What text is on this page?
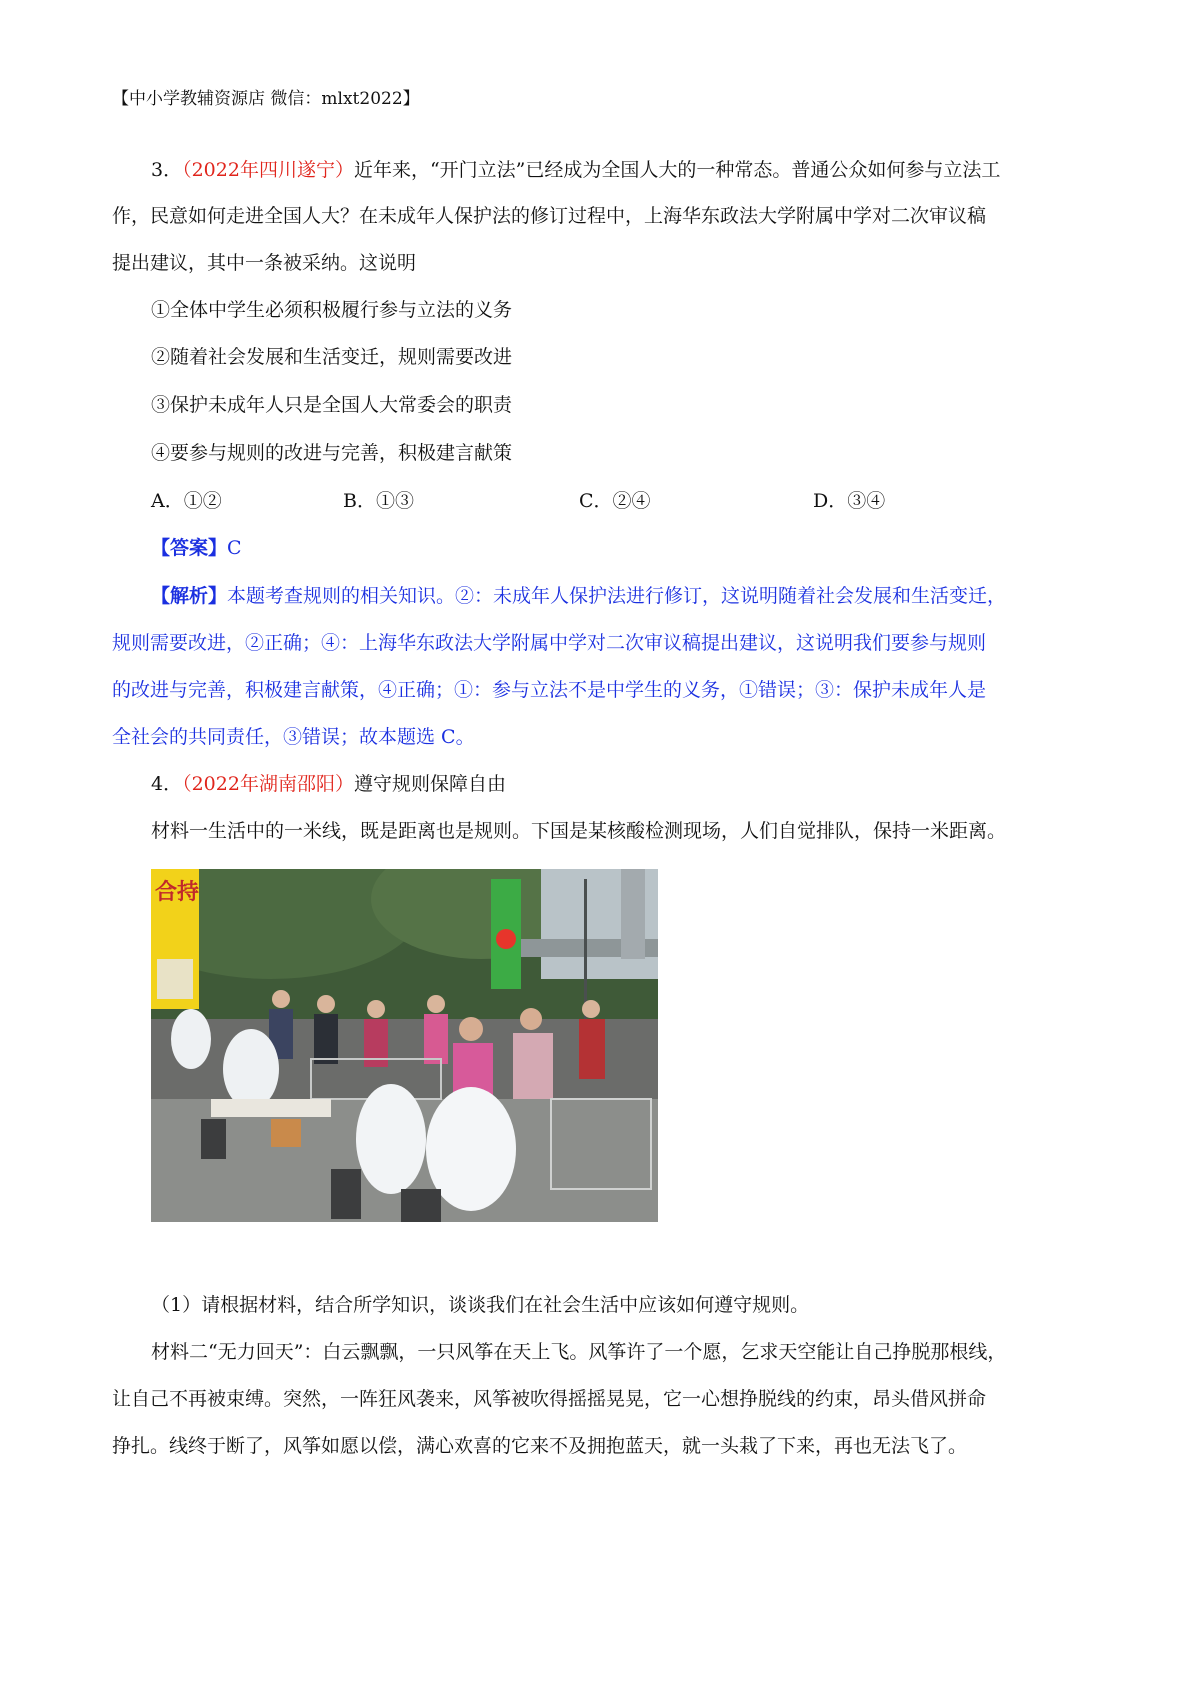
【中小学教辅资源店 微信：mlxt2022】
3．（2022年四川遂宁）近年来，“开门立法”已经成为全国人大的一种常态。普通公众如何参与立法工
作，民意如何走进全国人大？在未成年人保护法的修订过程中，上海华东政法大学附属中学对二次审议稿
提出建议，其中一条被采纳。这说明
①全体中学生必须积极履行参与立法的义务
②随着社会发展和生活变迁，规则需要改进
③保护未成年人只是全国人大常委会的职责
④要参与规则的改进与完善，积极建言献策
A．①②	B．①③	C．②④	D．③④
【答案】C
【解析】本题考查规则的相关知识。②：未成年人保护法进行修订，这说明随着社会发展和生活变迁，
规则需要改进，②正确；④：上海华东政法大学附属中学对二次审议稿提出建议，这说明我们要参与规则
的改进与完善，积极建言献策，④正确；①：参与立法不是中学生的义务，①错误；③：保护未成年人是
全社会的共同责任，③错误；故本题选 C。
4．（2022年湖南邵阳）遵守规则保障自由
材料一生活中的一米线，既是距离也是规则。下国是某核酸检测现场，人们自觉排队，保持一米距离。
合持
（1）请根据材料，结合所学知识，谈谈我们在社会生活中应该如何遵守规则。
材料二“无力回天”：白云飘飘，一只风筝在天上飞。风筝许了一个愿，乞求天空能让自己挣脱那根线，
让自己不再被束缚。突然，一阵狂风袭来，风筝被吹得摇摇晃晃，它一心想挣脱线的约束，昂头借风拼命
挣扎。线终于断了，风筝如愿以偿，满心欢喜的它来不及拥抱蓝天，就一头栽了下来，再也无法飞了。
